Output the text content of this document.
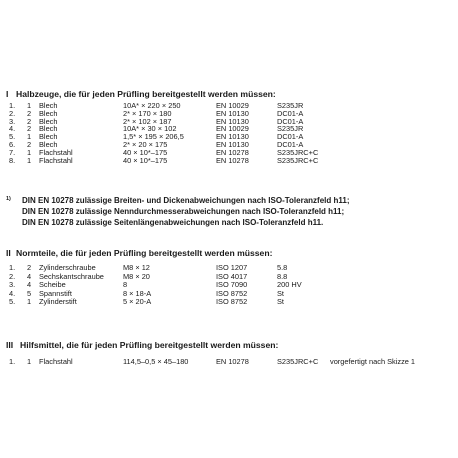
I Halbzeuge, die für jeden Prüfling bereitgestellt werden müssen:
1. 1 Blech	10A* × 220 × 250	EN 10029	S235JR
2. 2 Blech	2* × 170 × 180	EN 10130	DC01-A
3. 2 Blech	2* × 102 × 187	EN 10130	DC01-A
4. 2 Blech	10A* × 30 × 102	EN 10029	S235JR
5. 1 Blech	1,5* × 195 × 206,5	EN 10130	DC01-A
6. 2 Blech	2* × 20 × 175	EN 10130	DC01-A
7. 1 Flachstahl	40 × 10*–175	EN 10278	S235JRC+C
8. 1 Flachstahl	40 × 10*–175	EN 10278	S235JRC+C
1) DIN EN 10278 zulässige Breiten- und Dickenabweichungen nach ISO-Toleranzfeld h11;
DIN EN 10278 zulässige Nenndurchmesserabweichungen nach ISO-Toleranzfeld h11;
DIN EN 10278 zulässige Seitenlängenabweichungen nach ISO-Toleranzfeld h11.
II Normteile, die für jeden Prüfling bereitgestellt werden müssen:
1. 2 Zylinderschraube	M8 × 12	ISO 1207	5.8
2. 4 Sechskantschraube	M8 × 20	ISO 4017	8.8
3. 4 Scheibe	8	ISO 7090	200 HV
4. 5 Spannstift	8 × 18-A	ISO 8752	St
5. 1 Zylinderstift	5 × 20-A	ISO 8752	St
III Hilfsmittel, die für jeden Prüfling bereitgestellt werden müssen:
1. 1 Flachstahl	114,5–0,5 × 45–180	EN 10278	S235JRC+C vorgefertigt nach Skizze 1
